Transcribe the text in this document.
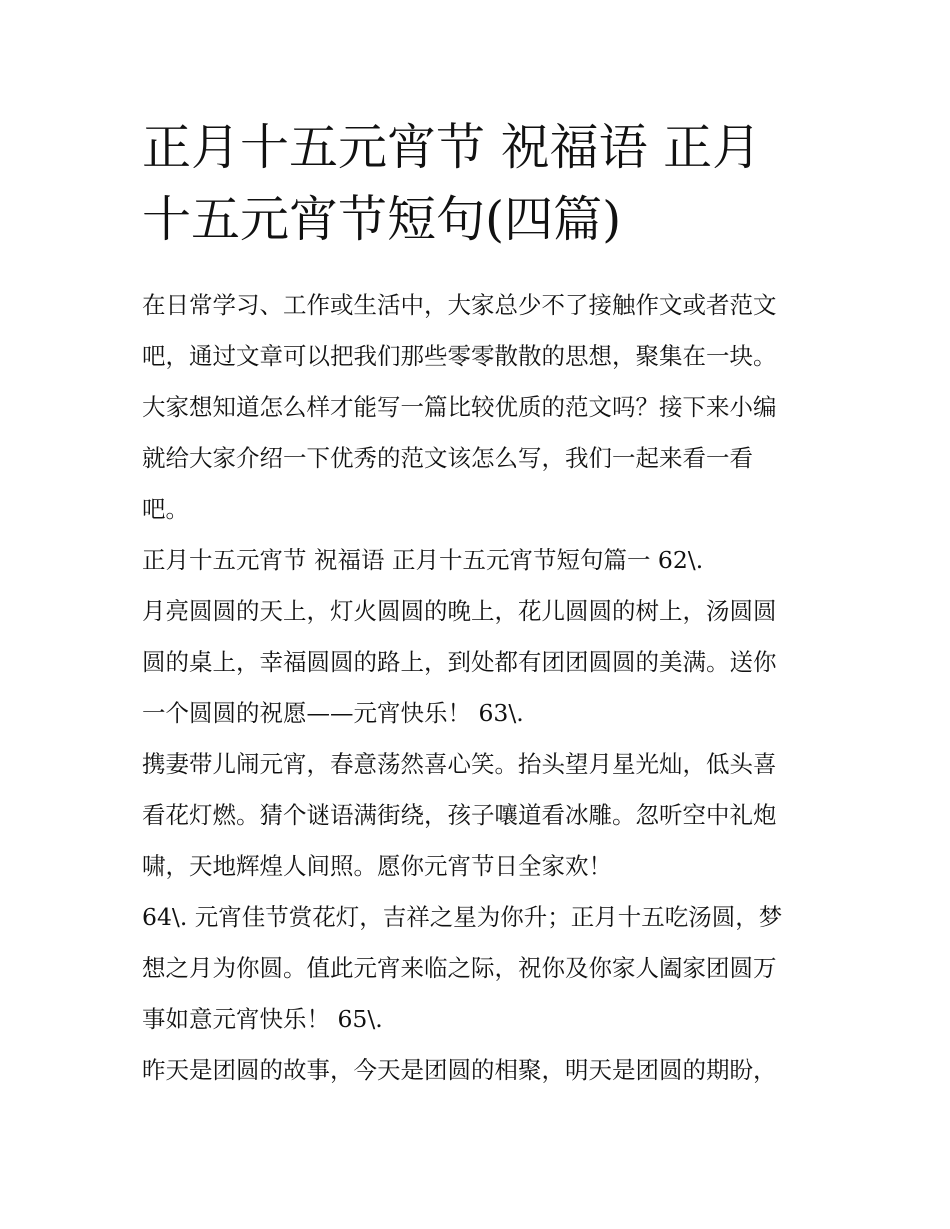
正月十五元宵节 祝福语 正月
十五元宵节短句(四篇)
在日常学习、工作或生活中，大家总少不了接触作文或者范文
吧，通过文章可以把我们那些零零散散的思想，聚集在一块。
大家想知道怎么样才能写一篇比较优质的范文吗？接下来小编
就给大家介绍一下优秀的范文该怎么写，我们一起来看一看
吧。
正月十五元宵节 祝福语 正月十五元宵节短句篇一 62\.
月亮圆圆的天上，灯火圆圆的晚上，花儿圆圆的树上，汤圆圆
圆的桌上，幸福圆圆的路上，到处都有团团圆圆的美满。送你
一个圆圆的祝愿——元宵快乐！ 63\.
携妻带儿闹元宵，春意荡然喜心笑。抬头望月星光灿，低头喜
看花灯燃。猜个谜语满街绕，孩子嚷道看冰雕。忽听空中礼炮
啸，天地辉煌人间照。愿你元宵节日全家欢！
64\. 元宵佳节赏花灯，吉祥之星为你升；正月十五吃汤圆，梦
想之月为你圆。值此元宵来临之际，祝你及你家人阖家团圆万
事如意元宵快乐！ 65\.
昨天是团圆的故事，今天是团圆的相聚，明天是团圆的期盼，
